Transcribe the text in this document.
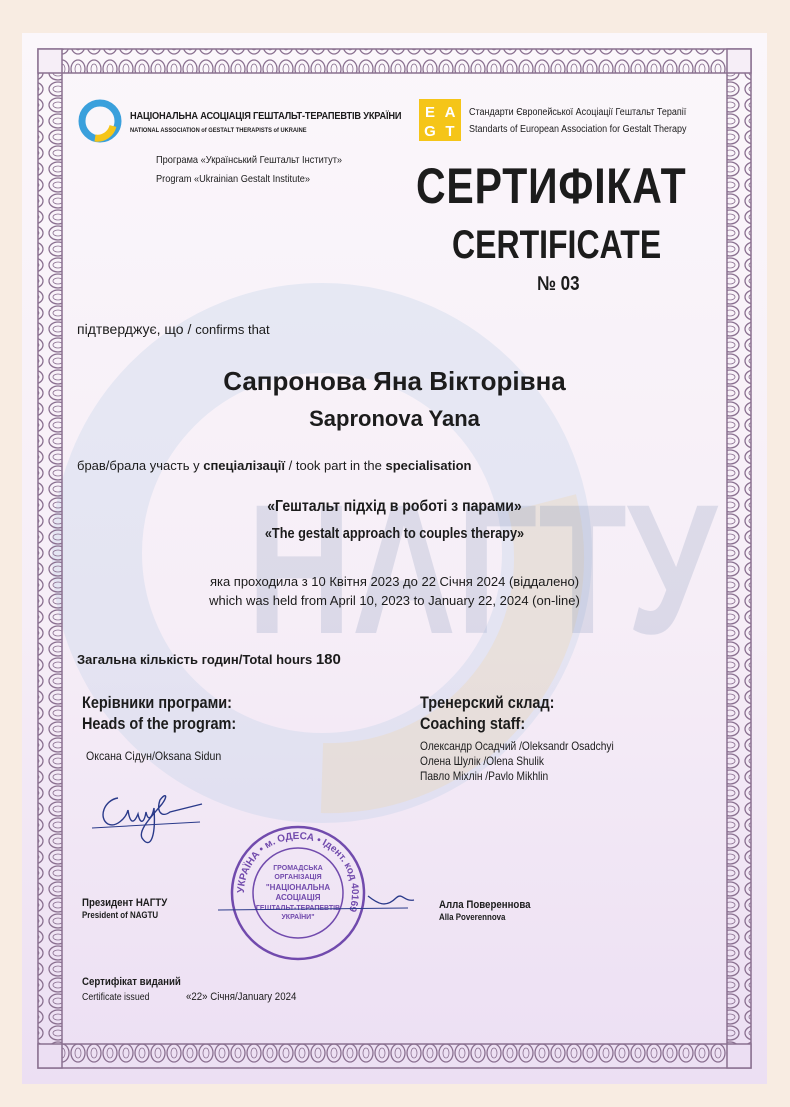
НАГТУ
НАЦІОНАЛЬНА АСОЦІАЦІЯ ГЕШТАЛЬТ-ТЕРАПЕВТІВ УКРАЇНИ
NATIONAL ASSOCIATION of GESTALT THERAPISTS of UKRAINE
E A
G T
Стандарти Європейської Асоціації Гештальт Терапії
Standarts of European Association for Gestalt Therapy
Програма «Український Гештальт Інститут»
Program «Ukrainian Gestalt Institute» СЕРТИФІКАТ
CERTIFICATE
№ 03
підтверджує, що / confirms that
Сапронова Яна Вікторівна
Sapronova Yana
брав/брала участь у спеціалізації / took part in the specialisation
«Гештальт підхід в роботі з парами»
«The gestalt approach to couples therapy»
яка проходила з 10 Квітня 2023 до 22 Січня 2024 (віддалено)
which was held from April 10, 2023 to January 22, 2024 (on-line)
Загальна кількість годин/Total hours 180
Керівники програми:
Heads of the program:
Оксана Сідун/Oksana Sidun
Тренерский склад:
Coaching staff:
Олександр Осадчий /Oleksandr Osadchyi
Олена Шулік /Olena Shulik
Павло Міхлін /Pavlo Mikhlin
УКРАЇНА • м. ОДЕСА • Ідент. код 40169
ГРОМАДСЬКА
ОРГАНІЗАЦІЯ
"НАЦІОНАЛЬНА
АСОЦІАЦІЯ
ГЕШТАЛЬТ-ТЕРАПЕВТІВ
УКРАЇНИ"
Президент НАГТУ
President of NAGTU
Алла Повереннова
Alla Poverennova
Сертифікат виданий
Certificate issued	«22» Січня/January 2024
